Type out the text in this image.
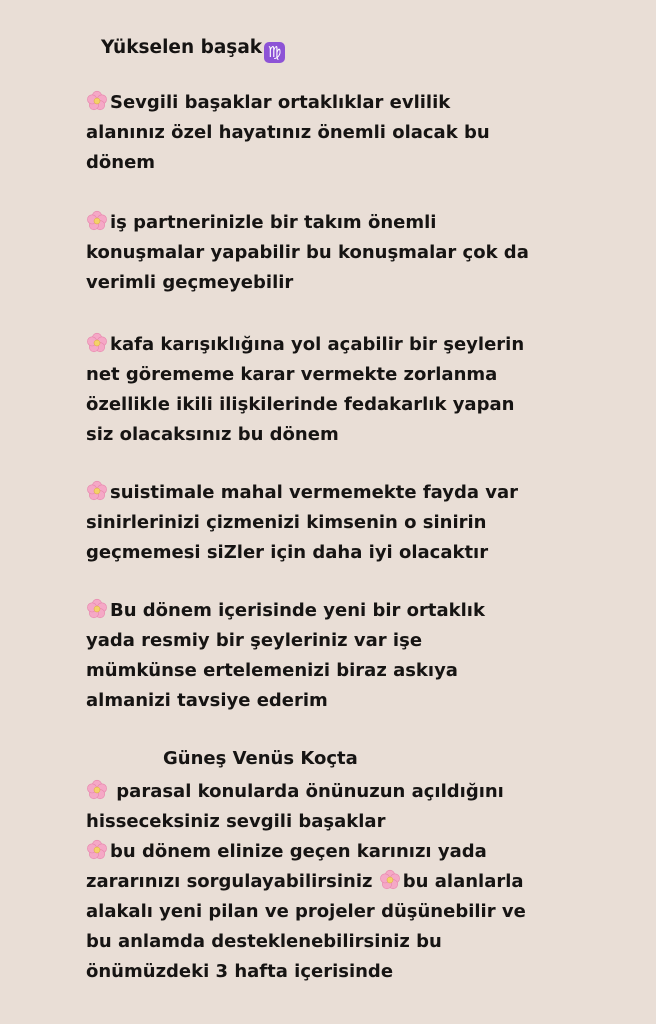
Yükselen başak ♍
Sevgili başaklar ortaklıklar evlilik
alanınız özel hayatınız önemli olacak bu
dönem
iş partnerinizle bir takım önemli
konuşmalar yapabilir bu konuşmalar çok da
verimli geçmeyebilir
kafa karışıklığına yol açabilir bir şeylerin
net görememe karar vermekte zorlanma
özellikle ikili ilişkilerinde fedakarlık yapan
siz olacaksınız bu dönem
suistimale mahal vermemekte fayda var
sinirlerinizi çizmenizi kimsenin o sinirin
geçmemesi siZler için daha iyi olacaktır
Bu dönem içerisinde yeni bir ortaklık
yada resmiy bir şeyleriniz var işe
mümkünse ertelemenizi biraz askıya
almanizi tavsiye ederim
Güneş Venüs Koçta
parasal konularda önünuzun açıldığını
hisseceksiniz sevgili başaklar
bu dönem elinize geçen karınızı yada
zararınızı sorgulayabilirsiniz bu alanlarla
alakalı yeni pilan ve projeler düşünebilir ve
bu anlamda desteklenebilirsiniz bu
önümüzdeki 3 hafta içerisinde
